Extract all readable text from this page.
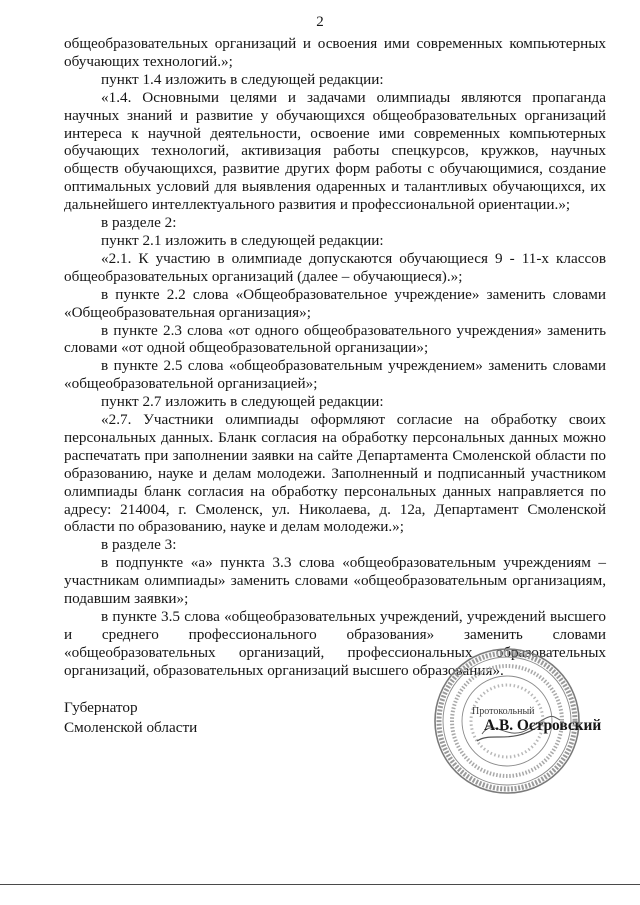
2

общеобразовательных организаций и освоения ими современных компьютерных обучающих технологий.»;

пункт 1.4 изложить в следующей редакции:

«1.4. Основными целями и задачами олимпиады являются пропаганда научных знаний и развитие у обучающихся общеобразовательных организаций интереса к научной деятельности, освоение ими современных компьютерных обучающих технологий, активизация работы спецкурсов, кружков, научных обществ обучающихся, развитие других форм работы с обучающимися, создание оптимальных условий для выявления одаренных и талантливых обучающихся, их дальнейшего интеллектуального развития и профессиональной ориентации.»;

в разделе 2:

пункт 2.1 изложить в следующей редакции:

«2.1. К участию в олимпиаде допускаются обучающиеся 9 - 11-х классов общеобразовательных организаций (далее – обучающиеся).»;

в пункте 2.2 слова «Общеобразовательное учреждение» заменить словами «Общеобразовательная организация»;

в пункте 2.3 слова «от одного общеобразовательного учреждения» заменить словами «от одной общеобразовательной организации»;

в пункте 2.5 слова «общеобразовательным учреждением» заменить словами «общеобразовательной организацией»;

пункт 2.7 изложить в следующей редакции:

«2.7. Участники олимпиады оформляют согласие на обработку своих персональных данных. Бланк согласия на обработку персональных данных можно распечатать при заполнении заявки на сайте Департамента Смоленской области по образованию, науке и делам молодежи. Заполненный и подписанный участником олимпиады бланк согласия на обработку персональных данных направляется по адресу: 214004, г. Смоленск, ул. Николаева, д. 12а, Департамент Смоленской области по образованию, науке и делам молодежи.»;

в разделе 3:

в подпункте «а» пункта 3.3 слова «общеобразовательным учреждениям – участникам олимпиады» заменить словами «общеобразовательным организациям, подавшим заявки»;

в пункте 3.5 слова «общеобразовательных учреждений, учреждений высшего и среднего профессионального образования» заменить словами «общеобразовательных организаций, профессиональных образовательных организаций, образовательных организаций высшего образования».

Губернатор
Смоленской области
Протокольный
А.В. Островский
